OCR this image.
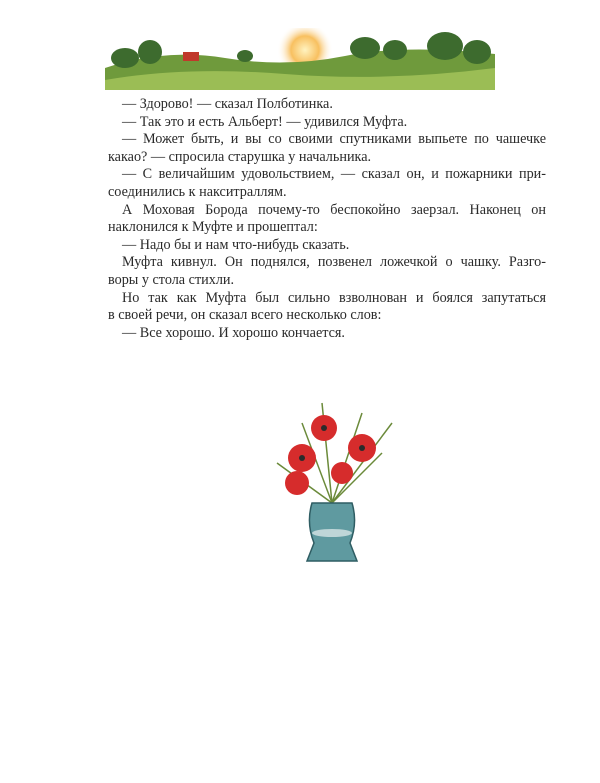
— Здорово! — сказал Полботинка.
— Так это и есть Альберт! — удивился Муфта.
— Может быть, и вы со своими спутниками выпьете по чашечке
какао? — спросила старушка у начальника.
— С величайшим удовольствием, — сказал он, и пожарники при-
соединились к накситраллям.
А Моховая Борода почему-то беспокойно заерзал. Наконец он
наклонился к Муфте и прошептал:
— Надо бы и нам что-нибудь сказать.
Муфта кивнул. Он поднялся, позвенел ложечкой о чашку. Разго-
воры у стола стихли.
Но так как Муфта был сильно взволнован и боялся запутаться
в своей речи, он сказал всего несколько слов:
— Все хорошо. И хорошо кончается.
